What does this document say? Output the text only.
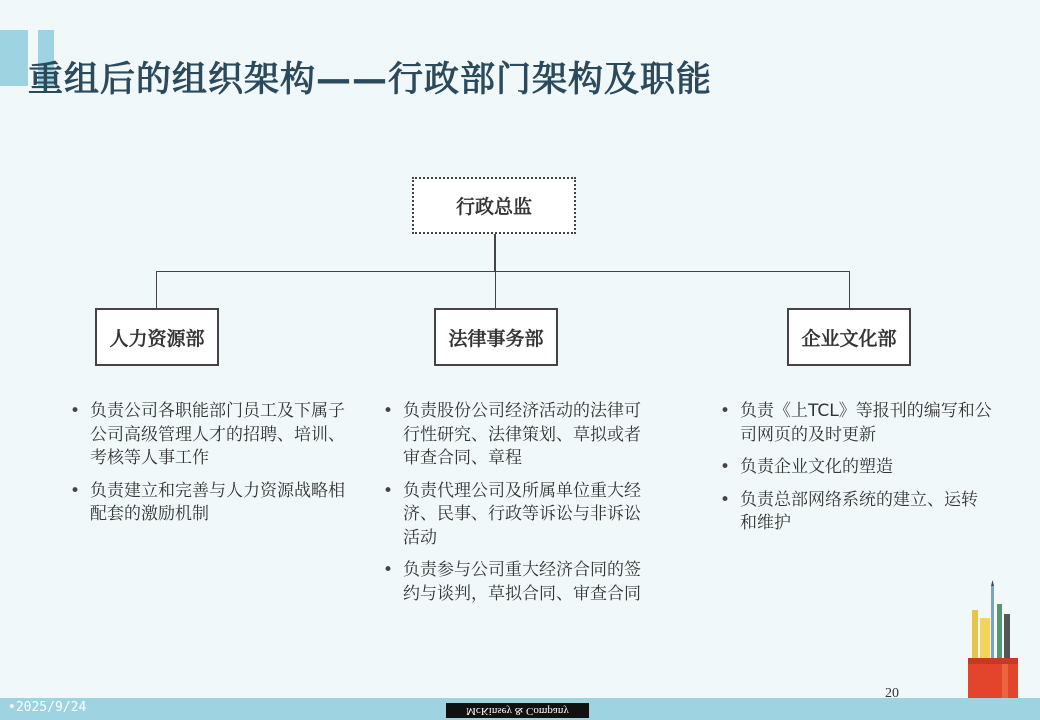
重组后的组织架构——行政部门架构及职能
行政总监
人力资源部	法律事务部	企业文化部
• 负责公司各职能部门员工及下属子公司高级管理人才的招聘、培训、考核等人事工作
• 负责建立和完善与人力资源战略相配套的激励机制
• 负责股份公司经济活动的法律可行性研究、法律策划、草拟或者审查合同、章程
• 负责代理公司及所属单位重大经济、民事、行政等诉讼与非诉讼活动
• 负责参与公司重大经济合同的签约与谈判，草拟合同、审查合同
• 负责《上TCL》等报刊的编写和公司网页的及时更新
• 负责企业文化的塑造
• 负责总部网络系统的建立、运转和维护
•2025/9/24	McKinsey & Company
20
